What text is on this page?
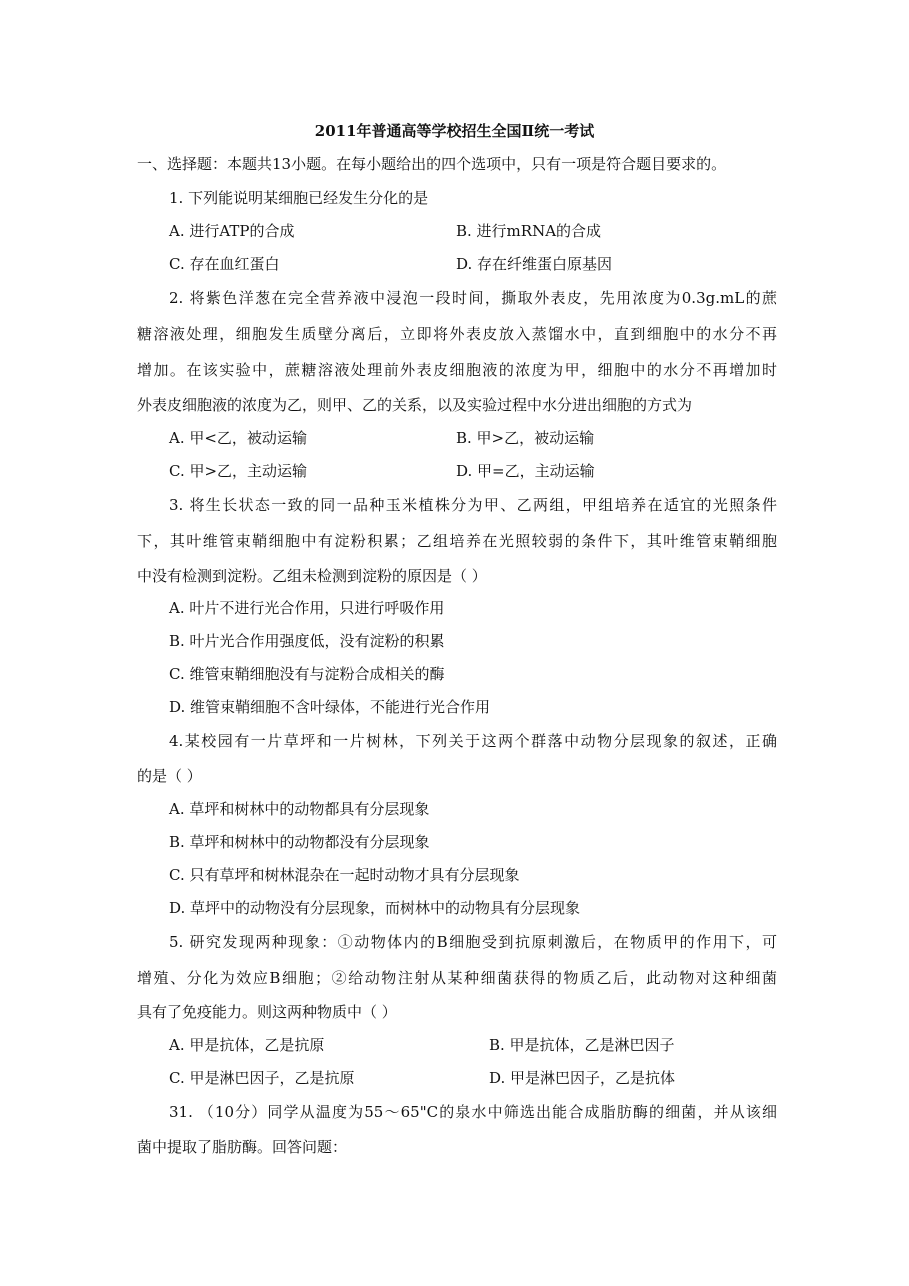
2011年普通高等学校招生全国Ⅱ统一考试
一、选择题：本题共13小题。在每小题给出的四个选项中，只有一项是符合题目要求的。
1. 下列能说明某细胞已经发生分化的是
A. 进行ATP的合成	B. 进行mRNA的合成
C. 存在血红蛋白	D. 存在纤维蛋白原基因
2. 将紫色洋葱在完全营养液中浸泡一段时间，撕取外表皮，先用浓度为0.3g.mL的蔗
糖溶液处理，细胞发生质壁分离后，立即将外表皮放入蒸馏水中，直到细胞中的水分不再
增加。在该实验中，蔗糖溶液处理前外表皮细胞液的浓度为甲，细胞中的水分不再增加时
外表皮细胞液的浓度为乙，则甲、乙的关系，以及实验过程中水分进出细胞的方式为
A. 甲<乙，被动运输	B. 甲>乙，被动运输
C. 甲>乙，主动运输	D. 甲=乙，主动运输
3. 将生长状态一致的同一品种玉米植株分为甲、乙两组，甲组培养在适宜的光照条件
下，其叶维管束鞘细胞中有淀粉积累；乙组培养在光照较弱的条件下，其叶维管束鞘细胞
中没有检测到淀粉。乙组未检测到淀粉的原因是（ ）
A. 叶片不进行光合作用，只进行呼吸作用
B. 叶片光合作用强度低，没有淀粉的积累
C. 维管束鞘细胞没有与淀粉合成相关的酶
D. 维管束鞘细胞不含叶绿体，不能进行光合作用
4.某校园有一片草坪和一片树林，下列关于这两个群落中动物分层现象的叙述，正确
的是（ ）
A. 草坪和树林中的动物都具有分层现象
B. 草坪和树林中的动物都没有分层现象
C. 只有草坪和树林混杂在一起时动物才具有分层现象
D. 草坪中的动物没有分层现象，而树林中的动物具有分层现象
5. 研究发现两种现象：①动物体内的B细胞受到抗原刺激后，在物质甲的作用下，可
增殖、分化为效应B细胞；②给动物注射从某种细菌获得的物质乙后，此动物对这种细菌
具有了免疫能力。则这两种物质中（ ）
A. 甲是抗体，乙是抗原	B. 甲是抗体，乙是淋巴因子
C. 甲是淋巴因子，乙是抗原	D. 甲是淋巴因子，乙是抗体
31. （10分）同学从温度为55～65"C的泉水中筛选出能合成脂肪酶的细菌，并从该细
菌中提取了脂肪酶。回答问题：
